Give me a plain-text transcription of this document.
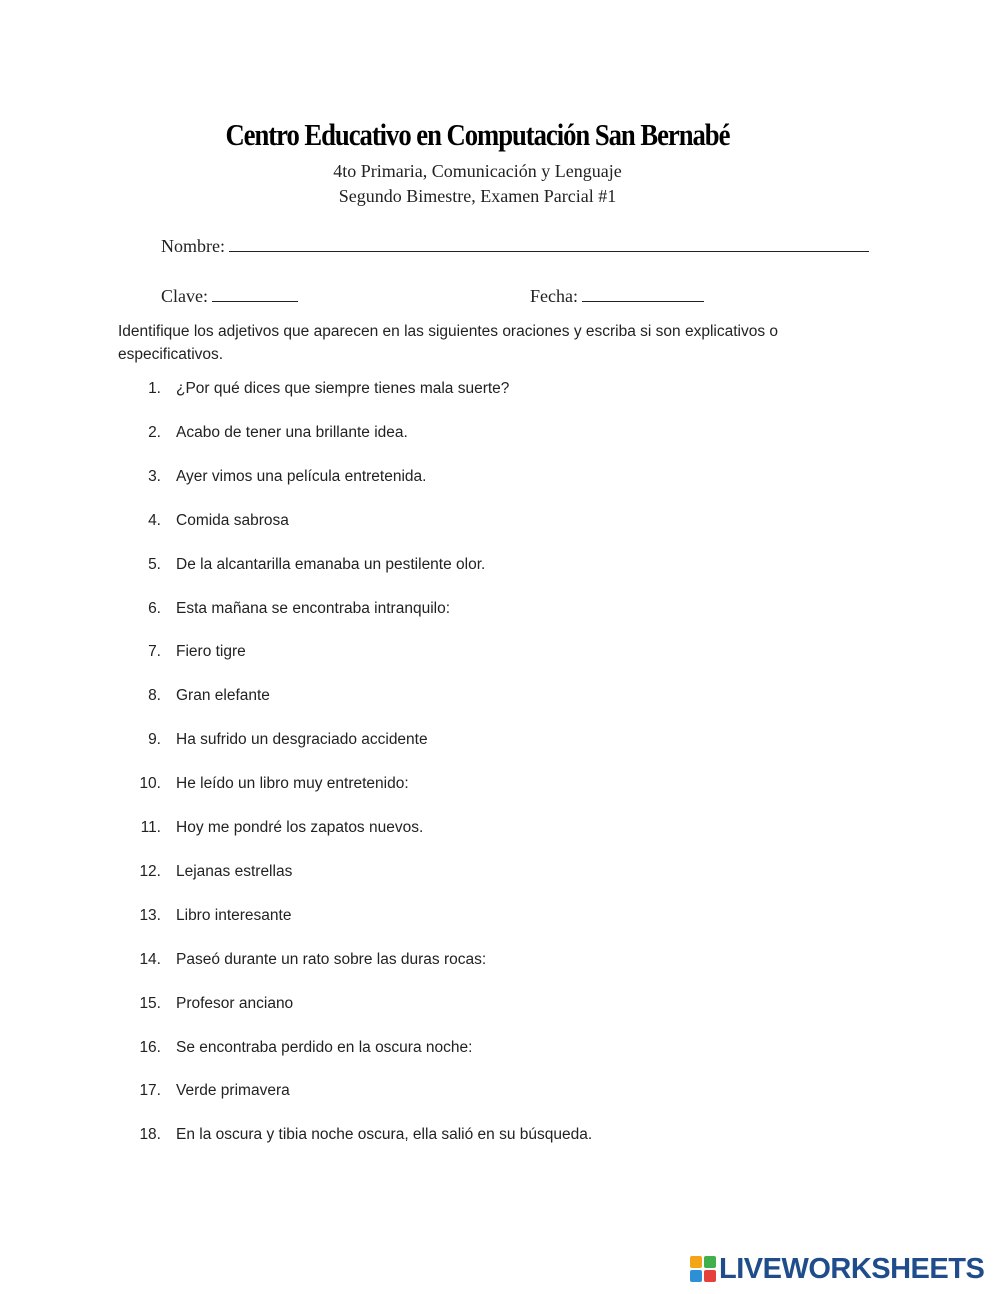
Centro Educativo en Computación San Bernabé
4to Primaria, Comunicación y Lenguaje
Segundo Bimestre, Examen Parcial #1
Nombre:
Clave:	Fecha:
Identifique los adjetivos que aparecen en las siguientes oraciones y escriba si son explicativos o especificativos.
1. ¿Por qué dices que siempre tienes mala suerte?
2. Acabo de tener una brillante idea.
3. Ayer vimos una película entretenida.
4. Comida sabrosa
5. De la alcantarilla emanaba un pestilente olor.
6. Esta mañana se encontraba intranquilo:
7. Fiero tigre
8. Gran elefante
9. Ha sufrido un desgraciado accidente
10. He leído un libro muy entretenido:
11. Hoy me pondré los zapatos nuevos.
12. Lejanas estrellas
13. Libro interesante
14. Paseó durante un rato sobre las duras rocas:
15. Profesor anciano
16. Se encontraba perdido en la oscura noche:
17. Verde primavera
18. En la oscura y tibia noche oscura, ella salió en su búsqueda.
LIVEWORKSHEETS
